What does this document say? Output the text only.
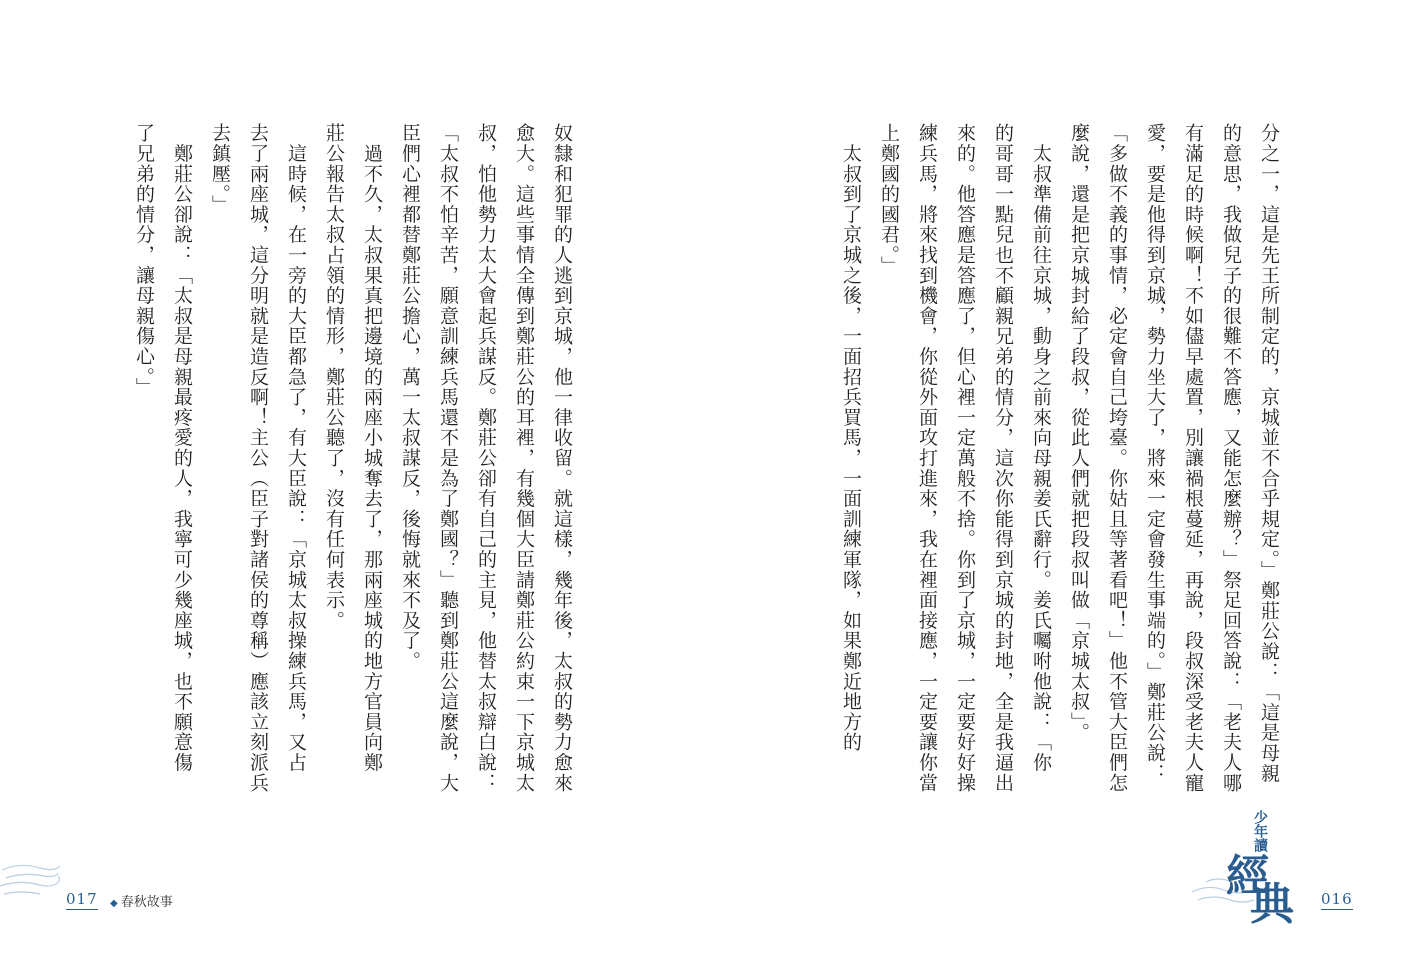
奴隸和犯罪的人逃到京城，他一律收留。就這樣，幾年後，太叔的勢力愈來
愈大。這些事情全傳到鄭莊公的耳裡，有幾個大臣請鄭莊公約束一下京城太
叔，怕他勢力太大會起兵謀反。鄭莊公卻有自己的主見，他替太叔辯白說：
「太叔不怕辛苦，願意訓練兵馬還不是為了鄭國？」聽到鄭莊公這麼說，大
臣們心裡都替鄭莊公擔心，萬一太叔謀反，後悔就來不及了。
　過不久，太叔果真把邊境的兩座小城奪去了，那兩座城的地方官員向鄭
莊公報告太叔占領的情形，鄭莊公聽了，沒有任何表示。
　這時候，在一旁的大臣都急了，有大臣說：「京城太叔操練兵馬，又占
去了兩座城，這分明就是造反啊！主公（臣子對諸侯的尊稱）應該立刻派兵
去鎮壓。」
　鄭莊公卻說：「太叔是母親最疼愛的人，我寧可少幾座城，也不願意傷
了兄弟的情分，讓母親傷心。」
017 ◆ 春秋故事
分之一，這是先王所制定的，京城並不合乎規定。」鄭莊公說：「這是母親
的意思，我做兒子的很難不答應，又能怎麼辦？」祭足回答說：「老夫人哪
有滿足的時候啊！不如儘早處置，別讓禍根蔓延，再說，段叔深受老夫人寵
愛，要是他得到京城，勢力坐大了，將來一定會發生事端的。」鄭莊公說：
「多做不義的事情，必定會自己垮臺。你姑且等著看吧！」他不管大臣們怎
麼說，還是把京城封給了段叔，從此人們就把段叔叫做「京城太叔」。
　太叔準備前往京城，動身之前來向母親姜氏辭行。姜氏囑咐他說：「你
的哥哥一點兒也不顧親兄弟的情分，這次你能得到京城的封地，全是我逼出
來的。他答應是答應了，但心裡一定萬般不捨。你到了京城，一定要好好操
練兵馬，將來找到機會，你從外面攻打進來，我在裡面接應，一定要讓你當
上鄭國的國君。」
　太叔到了京城之後，一面招兵買馬，一面訓練軍隊，如果鄭近地方的
少年讀
經
典 016
